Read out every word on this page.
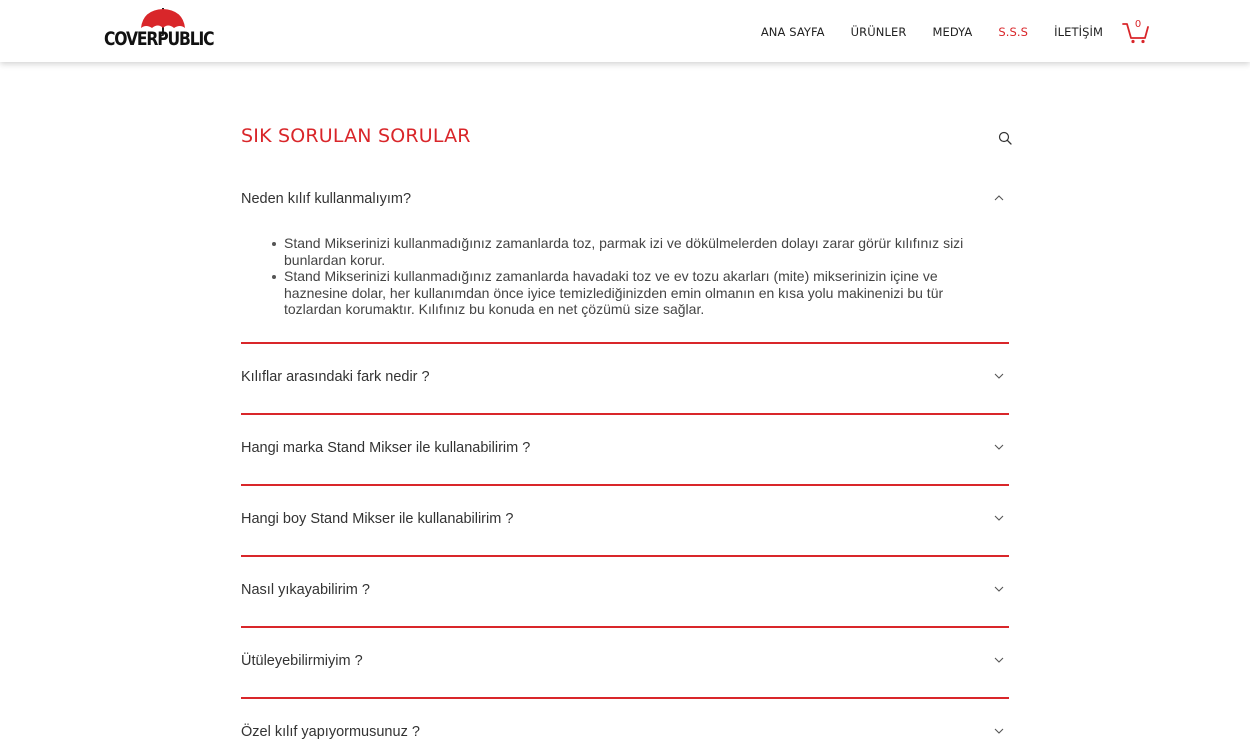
COVERPUBLIC	ANA SAYFA ÜRÜNLER MEDYA S.S.S İLETİŞİM
0
SIK SORULAN SORULAR
Neden kılıf kullanmalıyım?
Stand Mikserinizi kullanmadığınız zamanlarda toz, parmak izi ve dökülmelerden dolayı zarar görür kılıfınız sizi bunlardan korur.
Stand Mikserinizi kullanmadığınız zamanlarda havadaki toz ve ev tozu akarları (mite) mikserinizin içine ve haznesine dolar, her kullanımdan önce iyice temizlediğinizden emin olmanın en kısa yolu makinenizi bu tür tozlardan korumaktır. Kılıfınız bu konuda en net çözümü size sağlar.
Kılıflar arasındaki fark nedir ?
Hangi marka Stand Mikser ile kullanabilirim ?
Hangi boy Stand Mikser ile kullanabilirim ?
Nasıl yıkayabilirim ?
Ütüleyebilirmiyim ?
Özel kılıf yapıyormusunuz ?
